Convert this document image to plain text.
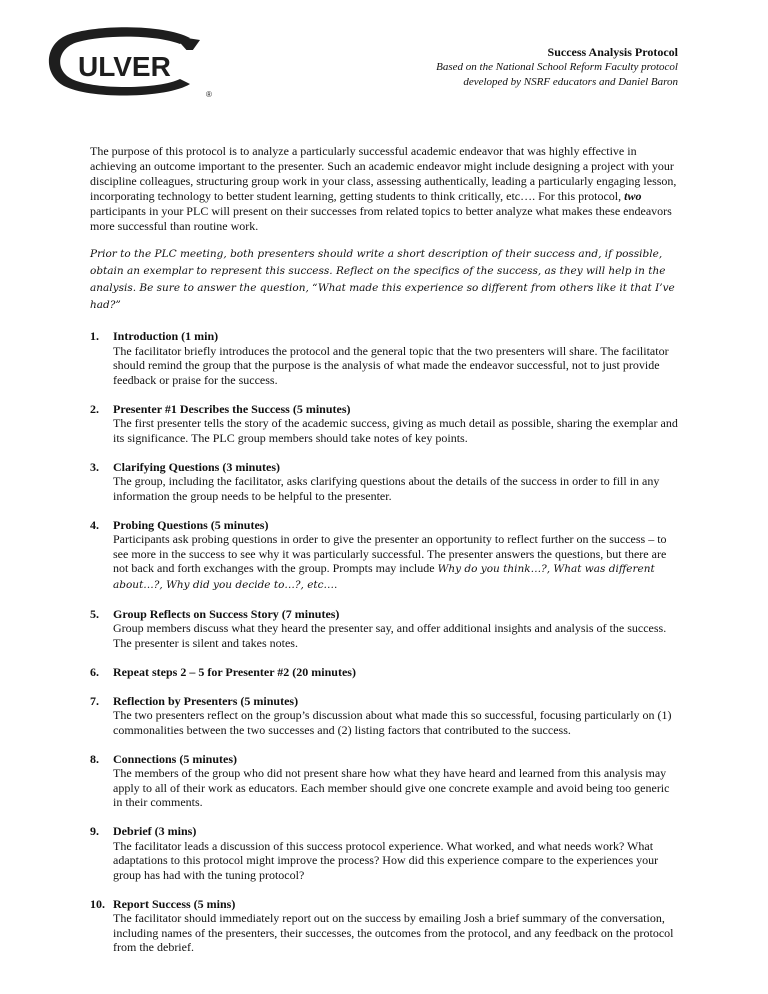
ULVER
®
Success Analysis Protocol
Based on the National School Reform Faculty protocol
developed by NSRF educators and Daniel Baron

The purpose of this protocol is to analyze a particularly successful academic endeavor that was highly effective in achieving an outcome important to the presenter. Such an academic endeavor might include designing a project with your discipline colleagues, structuring group work in your class, assessing authentically, leading a particularly engaging lesson, incorporating technology to better student learning, getting students to think critically, etc…. For this protocol, two participants in your PLC will present on their successes from related topics to better analyze what makes these endeavors more successful than routine work.

Prior to the PLC meeting, both presenters should write a short description of their success and, if possible, obtain an exemplar to represent this success. Reflect on the specifics of the success, as they will help in the analysis. Be sure to answer the question, “What made this experience so different from others like it that I’ve had?”

1.	Introduction (1 min)
The facilitator briefly introduces the protocol and the general topic that the two presenters will share. The facilitator should remind the group that the purpose is the analysis of what made the endeavor successful, not to just provide feedback or praise for the success.
2.	Presenter #1 Describes the Success (5 minutes)
The first presenter tells the story of the academic success, giving as much detail as possible, sharing the exemplar and its significance. The PLC group members should take notes of key points.
3.	Clarifying Questions (3 minutes)
The group, including the facilitator, asks clarifying questions about the details of the success in order to fill in any information the group needs to be helpful to the presenter.
4.	Probing Questions (5 minutes)
Participants ask probing questions in order to give the presenter an opportunity to reflect further on the success – to see more in the success to see why it was particularly successful. The presenter answers the questions, but there are not back and forth exchanges with the group. Prompts may include Why do you think…?, What was different about…?, Why did you decide to…?, etc….
5.	Group Reflects on Success Story (7 minutes)
Group members discuss what they heard the presenter say, and offer additional insights and analysis of the success. The presenter is silent and takes notes.
6.	Repeat steps 2 – 5 for Presenter #2 (20 minutes)
7.	Reflection by Presenters (5 minutes)
The two presenters reflect on the group’s discussion about what made this so successful, focusing particularly on (1) commonalities between the two successes and (2) listing factors that contributed to the success.
8.	Connections (5 minutes)
The members of the group who did not present share how what they have heard and learned from this analysis may apply to all of their work as educators. Each member should give one concrete example and avoid being too generic in their comments.
9.	Debrief (3 mins)
The facilitator leads a discussion of this success protocol experience. What worked, and what needs work? What adaptations to this protocol might improve the process? How did this experience compare to the experiences your group has had with the tuning protocol?
10. Report Success (5 mins)
The facilitator should immediately report out on the success by emailing Josh a brief summary of the conversation, including names of the presenters, their successes, the outcomes from the protocol, and any feedback on the protocol from the debrief.
